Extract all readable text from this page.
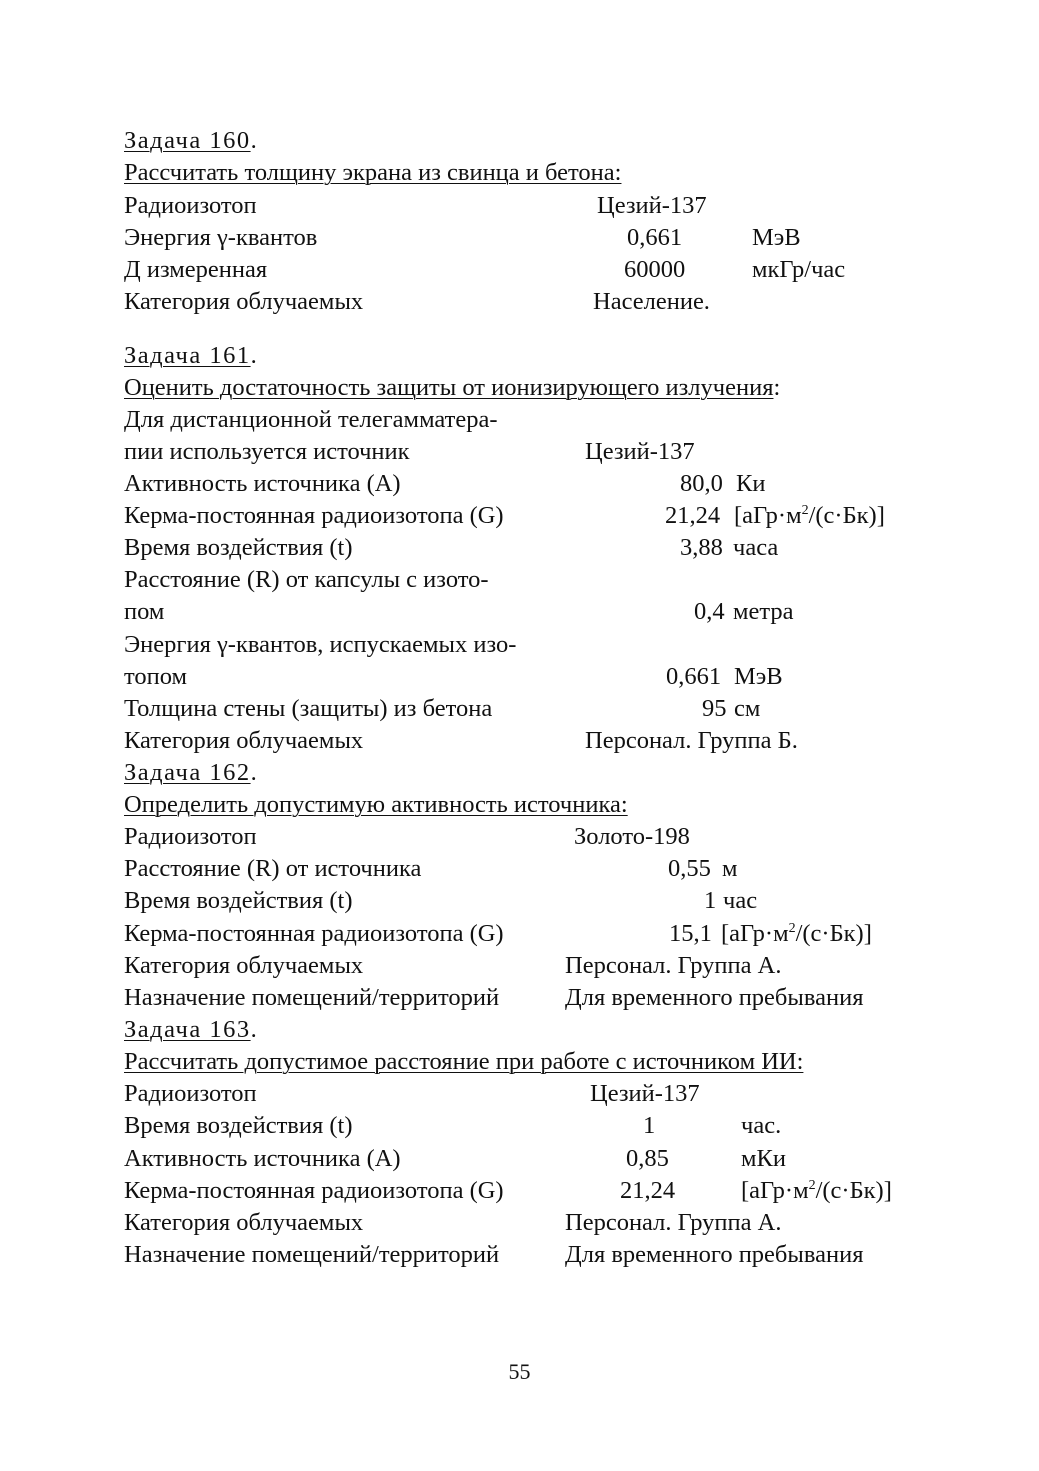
Задача 160.
Рассчитать толщину экрана из свинца и бетона:
Радиоизотоп	Цезий-137
Энергия γ-квантов	0,661	МэВ
Д измеренная	60000	мкГр/час
Категория облучаемых	Население.
Задача 161.
Оценить достаточность защиты от ионизирующего излучения:
Для дистанционной телегамматера-
пии используется источник	Цезий-137
Активность источника (А)	80,0 Ки
Керма-постоянная радиоизотопа (G)	21,24 $[аГр\cdot м^2/(с\cdot Бк)]$
Время воздействия (t)	3,88 часа
Расстояние (R) от капсулы с изото-
пом	0,4 метра
Энергия γ-квантов, испускаемых изо-
топом	0,661 МэВ
Толщина стены (защиты) из бетона	95 см
Категория облучаемых	Персонал. Группа Б.
Задача 162.
Определить допустимую активность источника:
Радиоизотоп	Золото-198
Расстояние (R) от источника	0,55 м
Время воздействия (t)	1 час
Керма-постоянная радиоизотопа (G)	15,1 $[аГр\cdot м^2/(с\cdot Бк)]$
Категория облучаемых	Персонал. Группа А.
Назначение помещений/территорий	Для временного пребывания
Задача 163.
Рассчитать допустимое расстояние при работе с источником ИИ:
Радиоизотоп	Цезий-137
Время воздействия (t)	1	час.
Активность источника (А)	0,85	мКи
Керма-постоянная радиоизотопа (G)	21,24	$[аГр\cdot м^2/(с\cdot Бк)]$
Категория облучаемых	Персонал. Группа А.
Назначение помещений/территорий	Для временного пребывания
55
